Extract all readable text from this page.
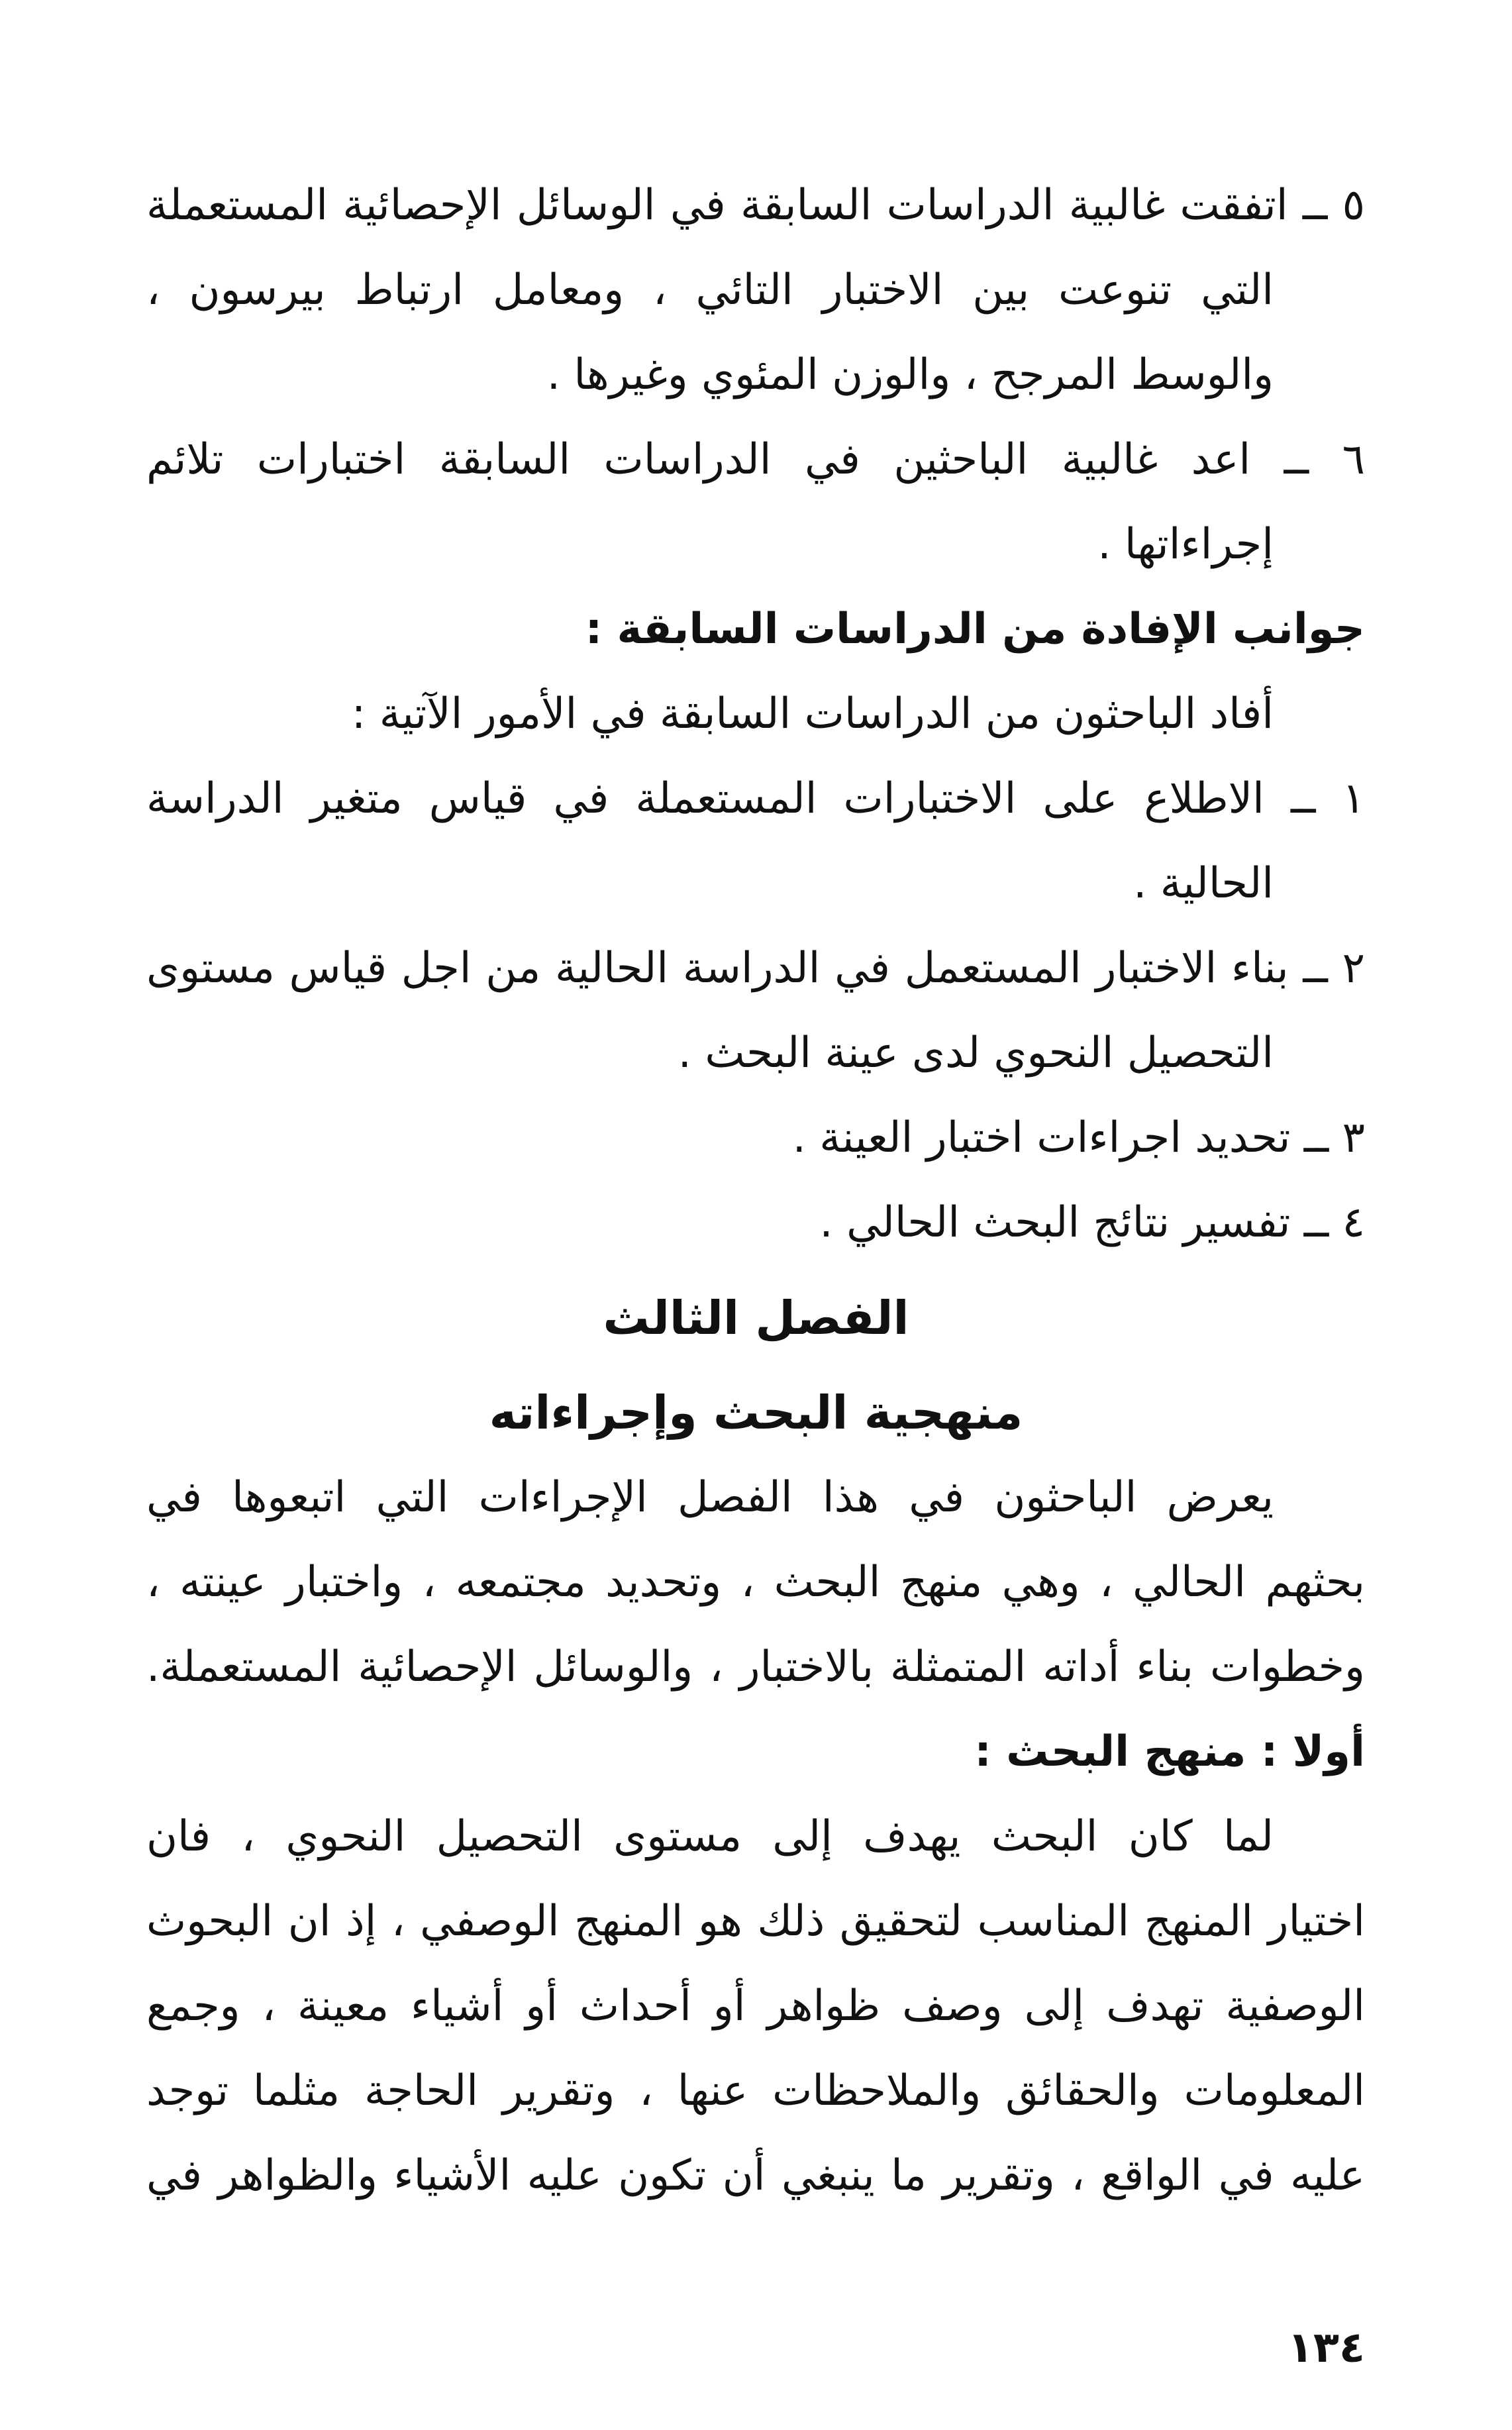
٥ ــ اتفقت غالبية الدراسات السابقة في الوسائل الإحصائية المستعملة
التي تنوعت بين الاختبار التائي ، ومعامل ارتباط بيرسون ،
والوسط المرجح ، والوزن المئوي وغيرها .
٦ ــ اعد غالبية الباحثين في الدراسات السابقة اختبارات تلائم
إجراءاتها .
جوانب الإفادة من الدراسات السابقة :
أفاد الباحثون من الدراسات السابقة في الأمور الآتية :
١ ــ الاطلاع على الاختبارات المستعملة في قياس متغير الدراسة
الحالية .
٢ ــ بناء الاختبار المستعمل في الدراسة الحالية من اجل قياس مستوى
التحصيل النحوي لدى عينة البحث .
٣ ــ تحديد اجراءات اختبار العينة .
٤ ــ تفسير نتائج البحث الحالي .
الفصل الثالث
منهجية البحث وإجراءاته
يعرض الباحثون في هذا الفصل الإجراءات التي اتبعوها في
بحثهم الحالي ، وهي منهج البحث ، وتحديد مجتمعه ، واختبار عينته ،
وخطوات بناء أداته المتمثلة بالاختبار ، والوسائل الإحصائية المستعملة.
أولا : منهج البحث :
لما كان البحث يهدف إلى مستوى التحصيل النحوي ، فان
اختيار المنهج المناسب لتحقيق ذلك هو المنهج الوصفي ، إذ ان البحوث
الوصفية تهدف إلى وصف ظواهر أو أحداث أو أشياء معينة ، وجمع
المعلومات والحقائق والملاحظات عنها ، وتقرير الحاجة مثلما توجد
عليه في الواقع ، وتقرير ما ينبغي أن تكون عليه الأشياء والظواهر في
١٣٤
